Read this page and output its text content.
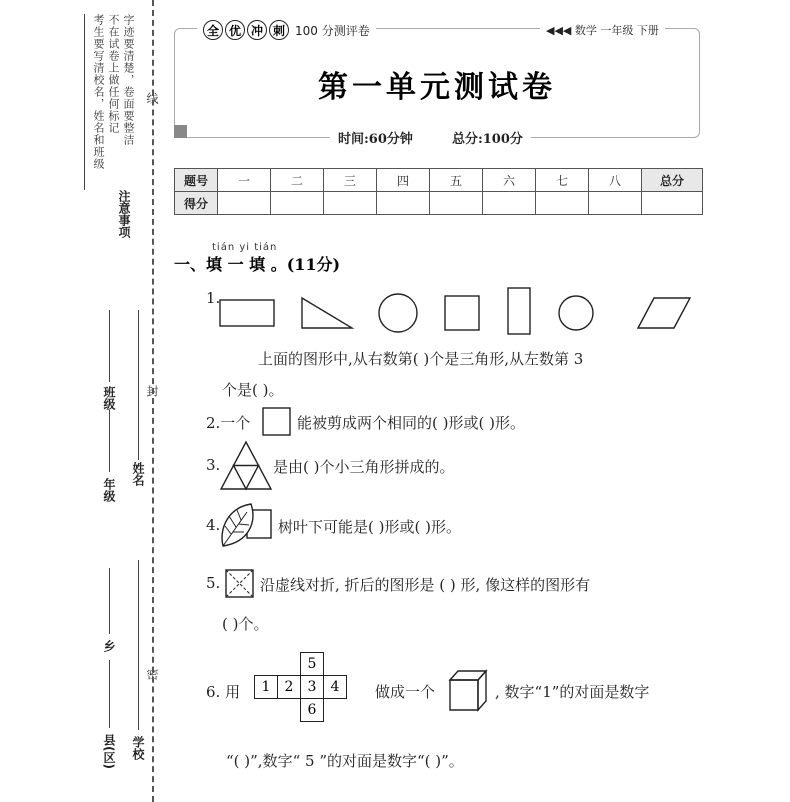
考生要写清校名，姓名和班级 不在试卷上做任何标记 字迹要清楚，卷面要整洁
注意事项
线
封
密
班级
姓名
年级
乡
县(区) 学校
全 优 冲 刺 100 分测评卷	◀◀◀ 数学 一年级 下册
第一单元测试卷
时间:60分钟	总分:100分
题号	一	二	三	四	五	六	七	八	总分
得分									
tián yi tián
一、填 一 填 。(11分)
1.
上面的图形中,从右数第( )个是三角形,从左数第 3
个是( )。
2.一个	能被剪成两个相同的( )形或( )形。
3.	是由( )个小三角形拼成的。
4.	树叶下可能是( )形或( )形。
5.	沿虚线对折, 折后的图形是 ( ) 形, 像这样的图形有
( )个。
6. 用
		5	
1	2	3	4
		6	
做成一个	, 数字“1”的对面是数字
“( )”,数字“ 5 ”的对面是数字“( )”。
